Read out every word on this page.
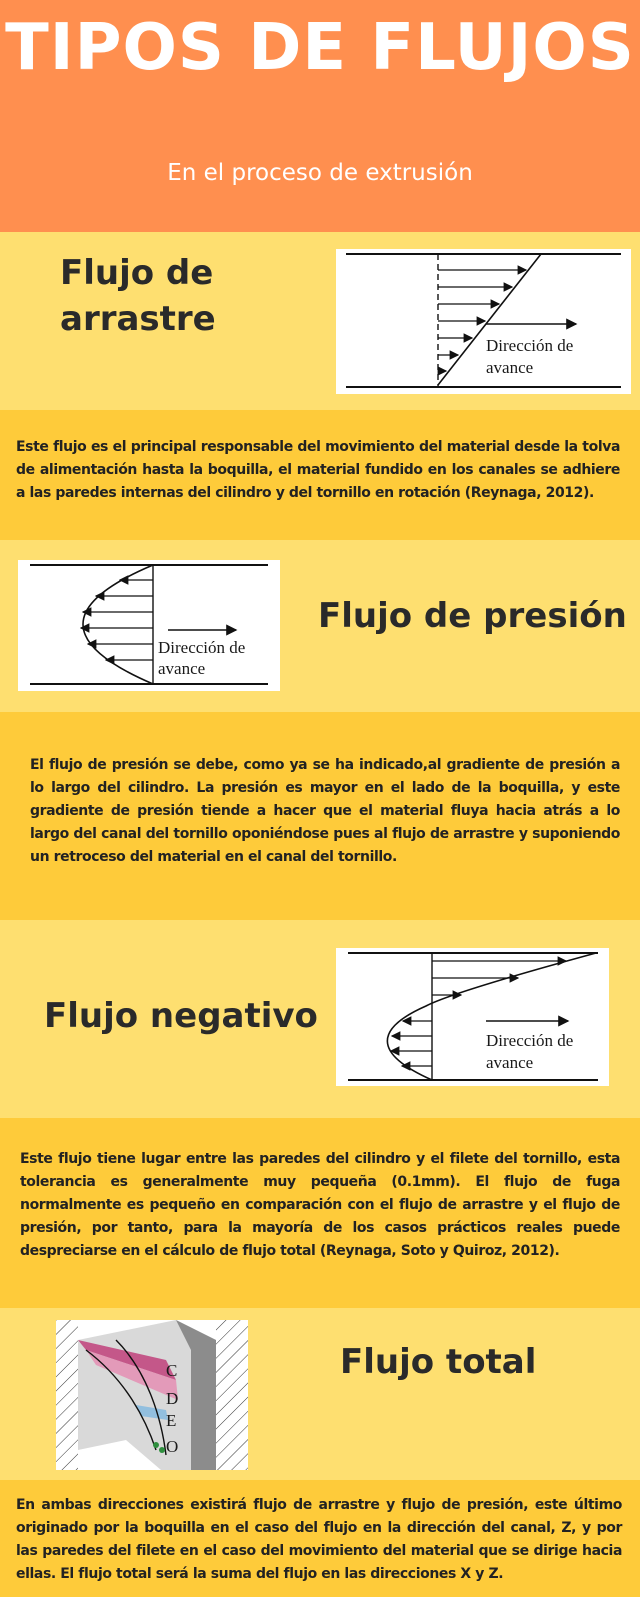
TIPOS DE FLUJOS
En el proceso de extrusión
Flujo de arrastre
Dirección de
avance

Este flujo es el principal responsable del movimiento del material desde la tolva de alimentación hasta la boquilla, el material fundido en los canales se adhiere a las paredes internas del cilindro y del tornillo en rotación (Reynaga, 2012).

Dirección de
avance
Flujo de presión

El flujo de presión se debe, como ya se ha indicado,al gradiente de presión a lo largo del cilindro. La presión es mayor en el lado de la boquilla, y este gradiente de presión tiende a hacer que el material fluya hacia atrás a lo largo del canal del tornillo oponiéndose pues al flujo de arrastre y suponiendo un retroceso del material en el canal del tornillo.

Flujo negativo
Dirección de
avance

Este flujo tiene lugar entre las paredes del cilindro y el filete del tornillo, esta tolerancia es generalmente muy pequeña (0.1mm). El flujo de fuga normalmente es pequeño en comparación con el flujo de arrastre y el flujo de presión, por tanto, para la mayoría de los casos prácticos reales puede despreciarse en el cálculo de flujo total (Reynaga, Soto y Quiroz, 2012).

C
D
E
O
Flujo total

En ambas direcciones existirá flujo de arrastre y flujo de presión, este último originado por la boquilla en el caso del flujo en la dirección del canal, Z, y por las paredes del filete en el caso del movimiento del material que se dirige hacia ellas. El flujo total será la suma del flujo en las direcciones X y Z.
